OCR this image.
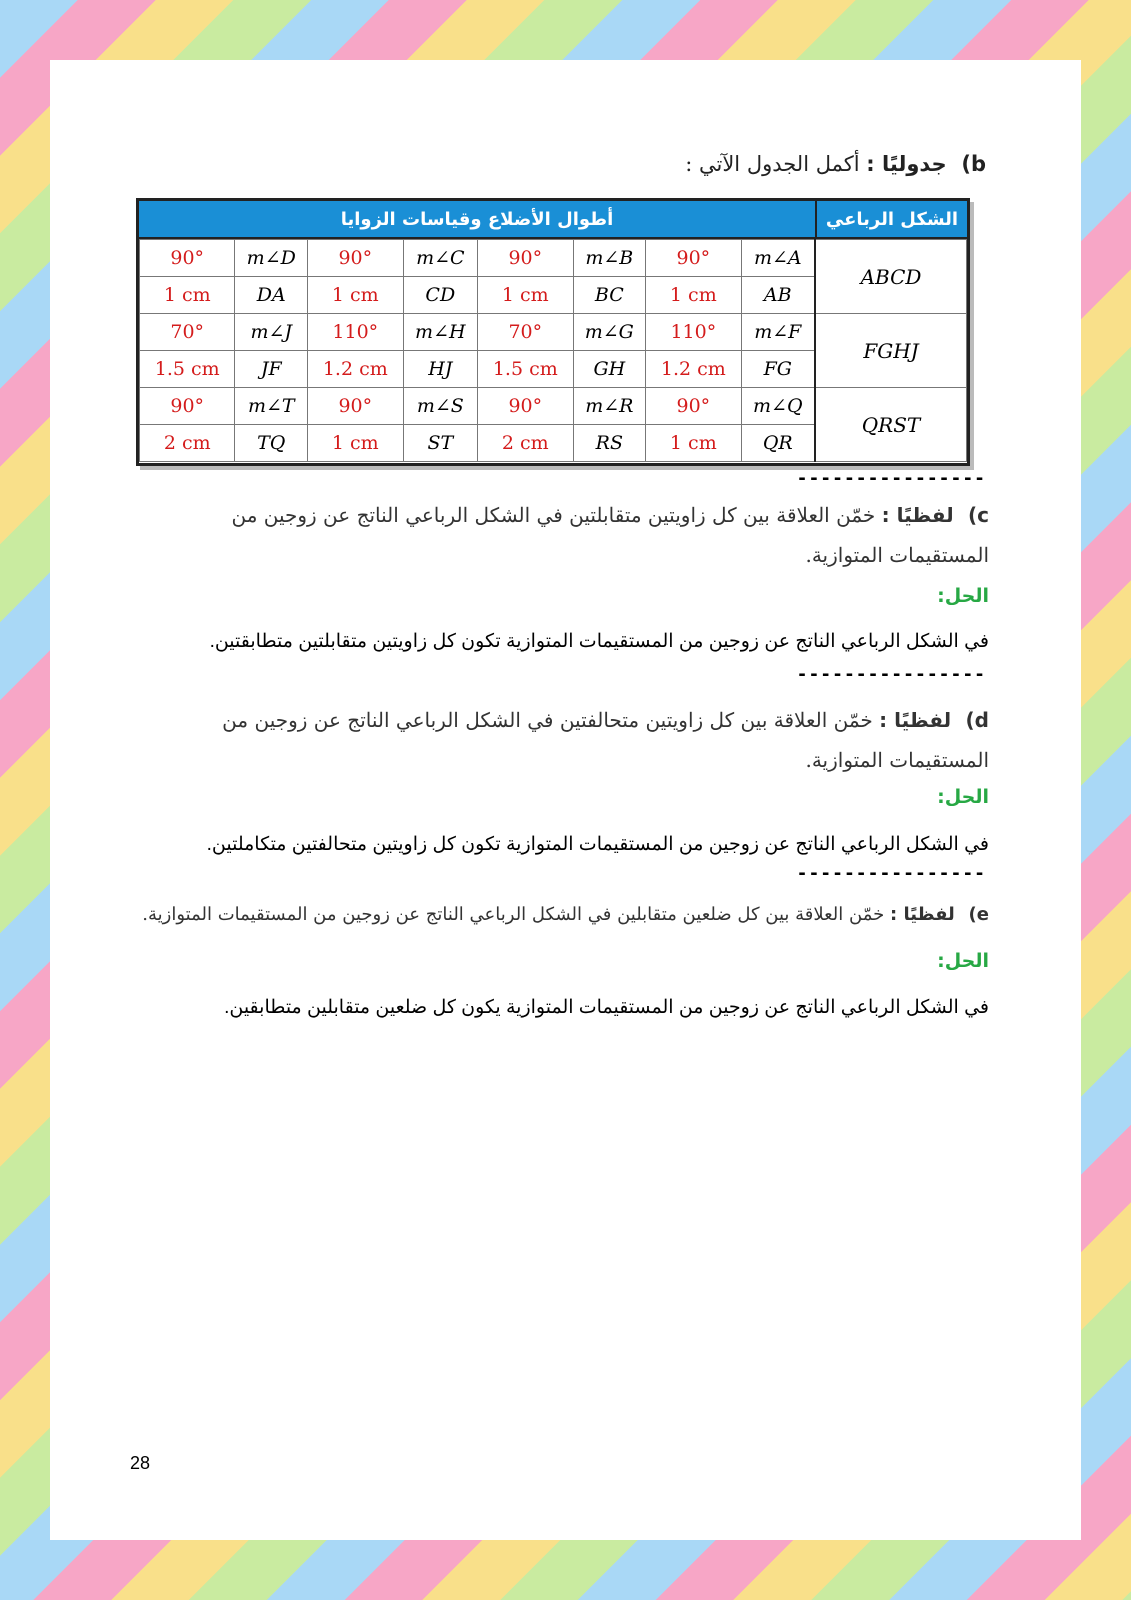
b) جدوليًا : أكمل الجدول الآتي :
أطوال الأضلاع وقياسات الزوايا	الشكل الرباعي
90°	m∠D	90°	m∠C	90°	m∠B	90°	m∠A	ABCD
1 cm	DA	1 cm	CD	1 cm	BC	1 cm	AB	
70°	m∠J	110°	m∠H	70°	m∠G	110°	m∠F	FGHJ
1.5 cm	JF	1.2 cm	HJ	1.5 cm	GH	1.2 cm	FG	
90°	m∠T	90°	m∠S	90°	m∠R	90°	m∠Q	QRST
2 cm	TQ	1 cm	ST	2 cm	RS	1 cm	QR	
----------------
c) لفظيًا : خمّن العلاقة بين كل زاويتين متقابلتين في الشكل الرباعي الناتج عن زوجين من المستقيمات المتوازية.
الحل:
في الشكل الرباعي الناتج عن زوجين من المستقيمات المتوازية تكون كل زاويتين متقابلتين متطابقتين.
----------------
d) لفظيًا : خمّن العلاقة بين كل زاويتين متحالفتين في الشكل الرباعي الناتج عن زوجين من المستقيمات المتوازية.
الحل:
في الشكل الرباعي الناتج عن زوجين من المستقيمات المتوازية تكون كل زاويتين متحالفتين متكاملتين.
----------------
e) لفظيًا : خمّن العلاقة بين كل ضلعين متقابلين في الشكل الرباعي الناتج عن زوجين من المستقيمات المتوازية.
الحل:
في الشكل الرباعي الناتج عن زوجين من المستقيمات المتوازية يكون كل ضلعين متقابلين متطابقين.
28
